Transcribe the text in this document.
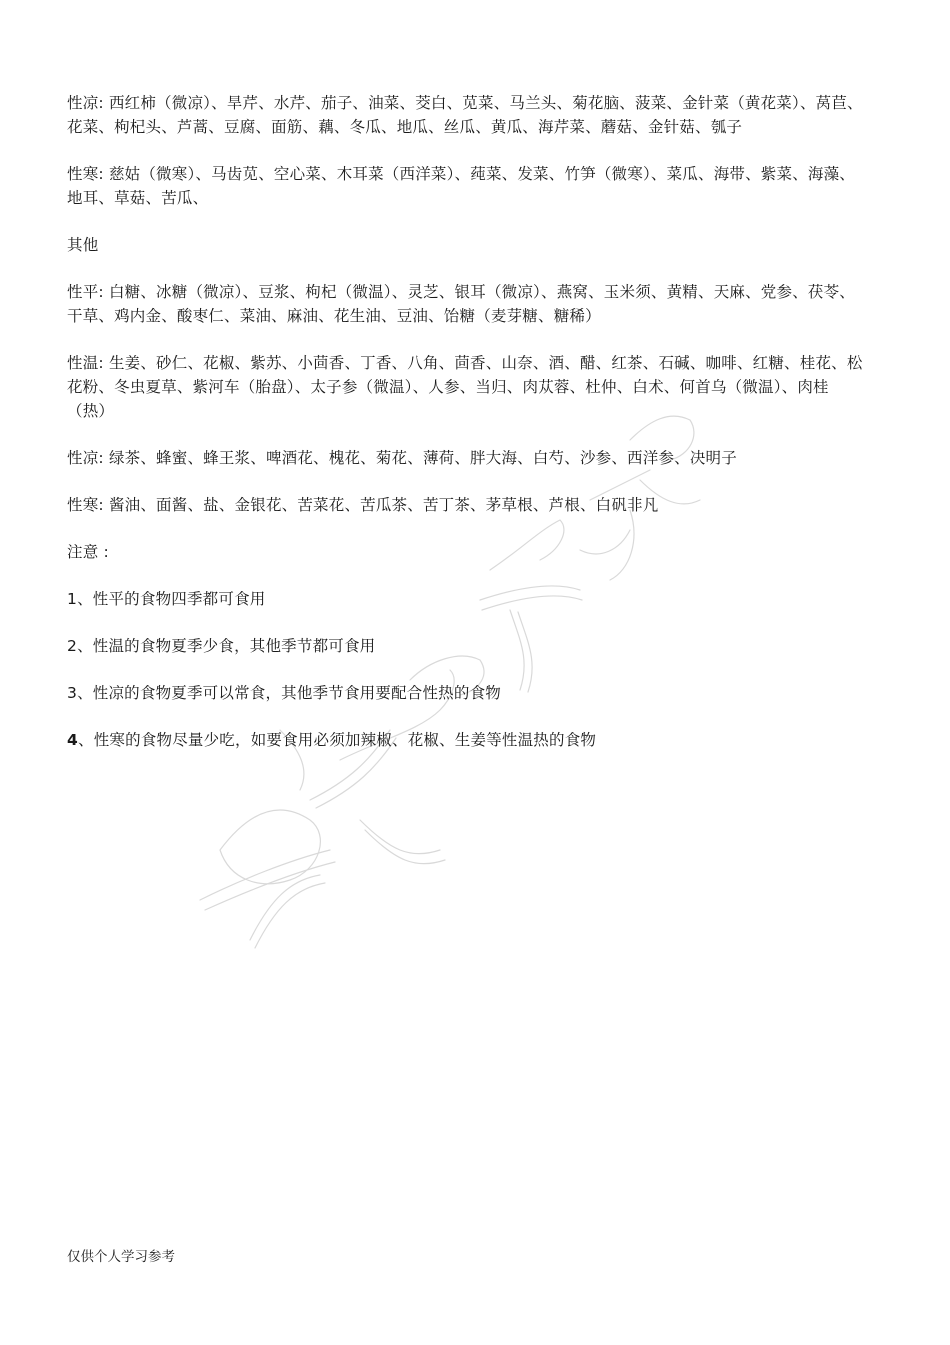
性凉: 西红柿（微凉）、旱芹、水芹、茄子、油菜、茭白、苋菜、马兰头、菊花脑、菠菜、金针菜（黄花菜）、莴苣、花菜、枸杞头、芦蒿、豆腐、面筋、藕、冬瓜、地瓜、丝瓜、黄瓜、海芹菜、蘑菇、金针菇、瓠子

性寒: 慈姑（微寒）、马齿苋、空心菜、木耳菜（西洋菜）、莼菜、发菜、竹笋（微寒）、菜瓜、海带、紫菜、海藻、地耳、草菇、苦瓜、

其他

性平: 白糖、冰糖（微凉）、豆浆、枸杞（微温）、灵芝、银耳（微凉）、燕窝、玉米须、黄精、天麻、党参、茯苓、干草、鸡内金、酸枣仁、菜油、麻油、花生油、豆油、饴糖（麦芽糖、糖稀）

性温: 生姜、砂仁、花椒、紫苏、小茴香、丁香、八角、茴香、山奈、酒、醋、红茶、石碱、咖啡、红糖、桂花、松花粉、冬虫夏草、紫河车（胎盘）、太子参（微温）、人参、当归、肉苁蓉、杜仲、白术、何首乌（微温）、肉桂（热）

性凉: 绿茶、蜂蜜、蜂王浆、啤酒花、槐花、菊花、薄荷、胖大海、白芍、沙参、西洋参、决明子

性寒: 酱油、面酱、盐、金银花、苦菜花、苦瓜茶、苦丁茶、茅草根、芦根、白矾非凡

注意 :

1、性平的食物四季都可食用

2、性温的食物夏季少食，其他季节都可食用

3、性凉的食物夏季可以常食，其他季节食用要配合性热的食物

4、性寒的食物尽量少吃，如要食用必须加辣椒、花椒、生姜等性温热的食物

仅供个人学习参考
